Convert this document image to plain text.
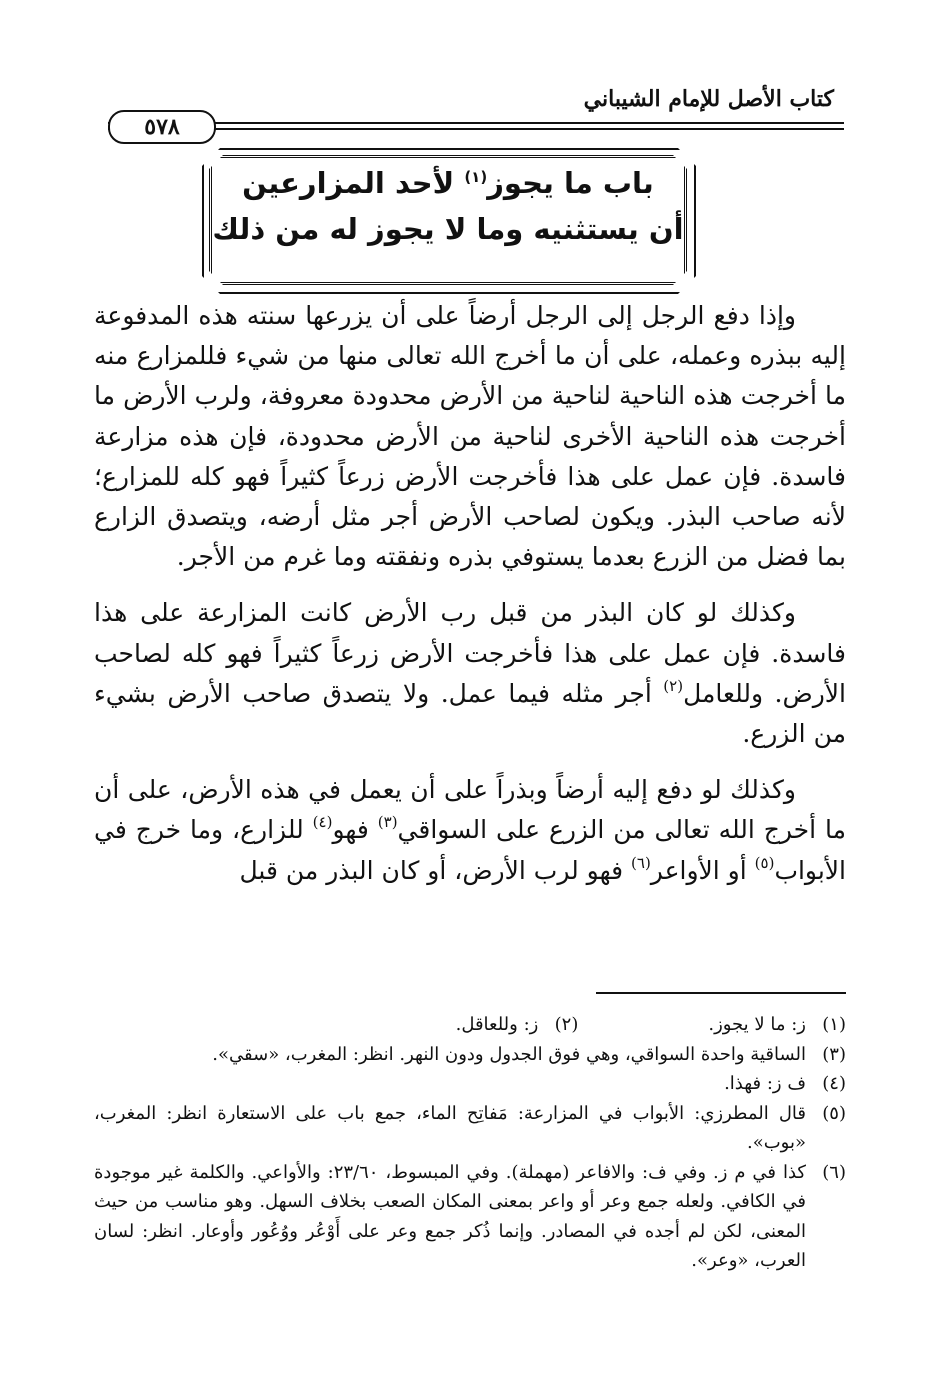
كتاب الأصل للإمام الشيباني
٥٧٨
باب ما يجوز$^{(١)}$ لأحد المزارعين
أن يستثنيه وما لا يجوز له من ذلك

وإذا دفع الرجل إلى الرجل أرضاً على أن يزرعها سنته هذه المدفوعة إليه ببذره وعمله، على أن ما أخرج الله تعالى منها من شيء فللمزارع منه ما أخرجت هذه الناحية لناحية من الأرض محدودة معروفة، ولرب الأرض ما أخرجت هذه الناحية الأخرى لناحية من الأرض محدودة، فإن هذه مزارعة فاسدة. فإن عمل على هذا فأخرجت الأرض زرعاً كثيراً فهو كله للمزارع؛ لأنه صاحب البذر. ويكون لصاحب الأرض أجر مثل أرضه، ويتصدق الزارع بما فضل من الزرع بعدما يستوفي بذره ونفقته وما غرم من الأجر.

وكذلك لو كان البذر من قبل رب الأرض كانت المزارعة على هذا فاسدة. فإن عمل على هذا فأخرجت الأرض زرعاً كثيراً فهو كله لصاحب الأرض. وللعامل$^{(٢)}$ أجر مثله فيما عمل. ولا يتصدق صاحب الأرض بشيء من الزرع.

وكذلك لو دفع إليه أرضاً وبذراً على أن يعمل في هذه الأرض، على أن ما أخرج الله تعالى من الزرع على السواقي$^{(٣)}$ فهو$^{(٤)}$ للزارع، وما خرج في الأبواب$^{(٥)}$ أو الأواعر$^{(٦)}$ فهو لرب الأرض، أو كان البذر من قبل

(١)
ز: ما لا يجوز.
(٢)
ز: وللعاقل.
(٣)
الساقية واحدة السواقي، وهي فوق الجدول ودون النهر. انظر: المغرب، «سقي».
(٤)
ف ز: فهذا.
(٥)
قال المطرزي: الأبواب في المزارعة: مَفاتِح الماء، جمع باب على الاستعارة انظر: المغرب، «بوب».
(٦)
كذا في م ز. وفي ف: والافاعر (مهملة). وفي المبسوط، ٢٣/٦٠: والأواعي. والكلمة غير موجودة في الكافي. ولعله جمع وعر أو واعر بمعنى المكان الصعب بخلاف السهل. وهو مناسب من حيث المعنى، لكن لم أجده في المصادر. وإنما ذُكر جمع وعر على أَوْعُر ووُعُور وأوعار. انظر: لسان العرب، «وعر».
